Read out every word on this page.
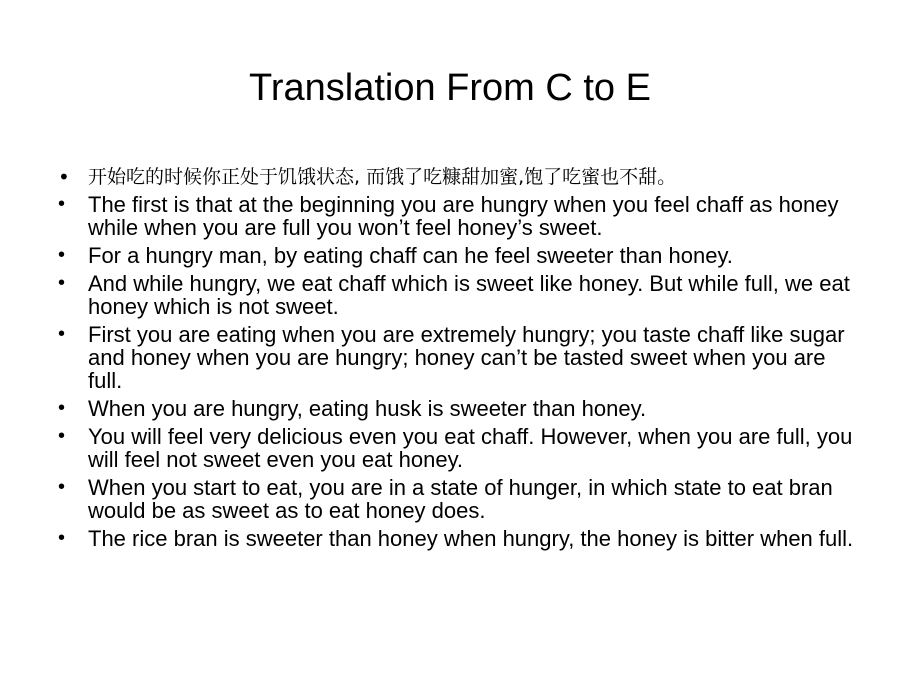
Translation From C to E
• 开始吃的时候你正处于饥饿状态, 而饿了吃糠甜加蜜,饱了吃蜜也不甜。
•	The first is that at the beginning you are hungry when you feel chaff as honey while when you are full you won’t feel honey’s sweet.
•	For a hungry man, by eating chaff can he feel sweeter than honey.
•	And while hungry, we eat chaff which is sweet like honey. But while full, we eat honey which is not sweet.
•	First you are eating when you are extremely hungry; you taste chaff like sugar and honey when you are hungry; honey can’t be tasted sweet when you are full.
•	When you are hungry, eating husk is sweeter than honey.
•	You will feel very delicious even you eat chaff. However, when you are full, you will feel not sweet even you eat honey.
•	When you start to eat, you are in a state of hunger, in which state to eat bran would be as sweet as to eat honey does.
•	The rice bran is sweeter than honey when hungry, the honey is bitter when full.
